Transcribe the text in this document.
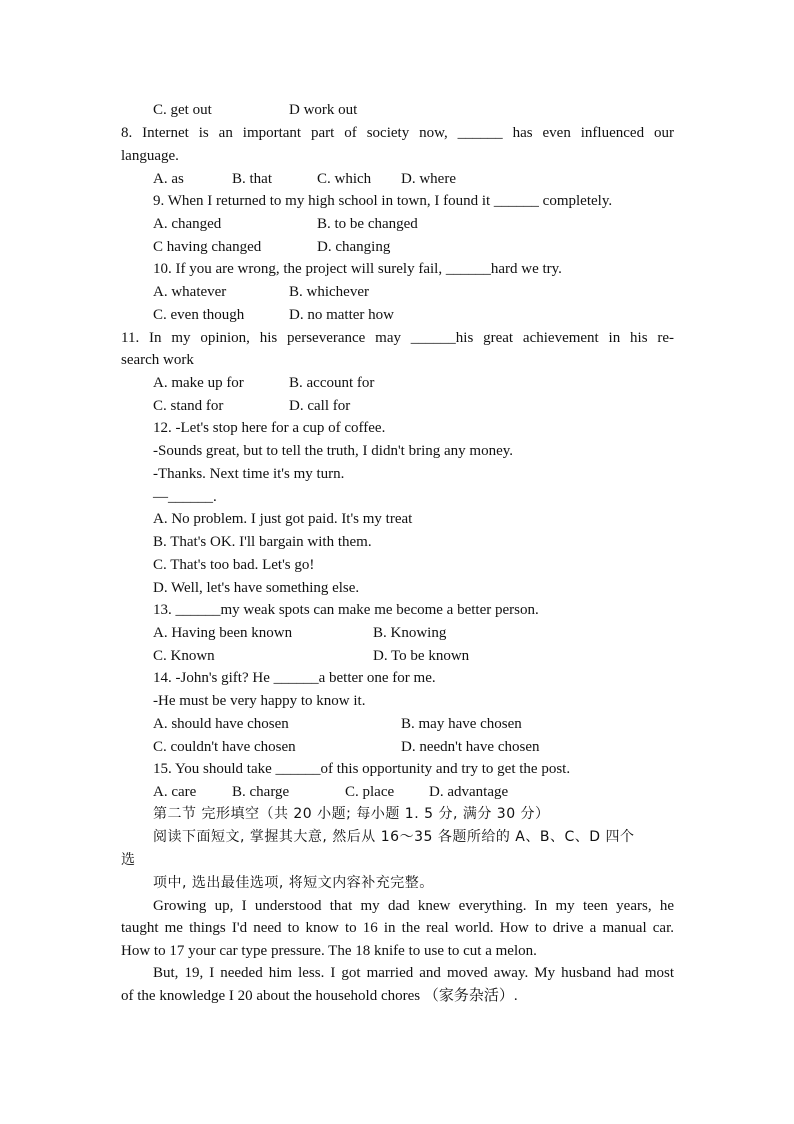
C. get out	D work out
8. Internet is an important part of society now, ______ has even influenced our
language.
A. as	B. that	C. which D. where
9. When I returned to my high school in town, I found it ______ completely.
A. changed	B. to be changed
C having changed	D. changing
10. If you are wrong, the project will surely fail, ______hard we try.
A. whatever	B. whichever
C. even though	D. no matter how
11. In my opinion, his perseverance may ______his great achievement in his re-
search work
A. make up for	B. account for
C. stand for	D. call for
12. -Let's stop here for a cup of coffee.
-Sounds great, but to tell the truth, I didn't bring any money.
-Thanks. Next time it's my turn.
—______.
A. No problem. I just got paid. It's my treat
B. That's OK. I'll bargain with them.
C. That's too bad. Let's go!
D. Well, let's have something else.
13. ______my weak spots can make me become a better person.
A. Having been known	B. Knowing
C. Known	D. To be known
14. -John's gift? He ______a better one for me.
-He must be very happy to know it.
A. should have chosen	B. may have chosen
C. couldn't have chosen	D. needn't have chosen
15. You should take ______of this opportunity and try to get the post.
A. care B. charge	C. place D. advantage
第二节 完形填空（共 20 小题; 每小题 1. 5 分, 满分 30 分）
阅读下面短文, 掌握其大意, 然后从 16～35 各题所给的 A、B、C、D 四个
选
项中, 选出最佳选项, 将短文内容补充完整。
Growing up, I understood that my dad knew everything. In my teen years, he
taught me things I'd need to know to 16 in the real world. How to drive a manual car.
How to 17 your car type pressure. The 18 knife to use to cut a melon.
But, 19, I needed him less. I got married and moved away. My husband had most
of the knowledge I 20 about the household chores （家务杂活）.
